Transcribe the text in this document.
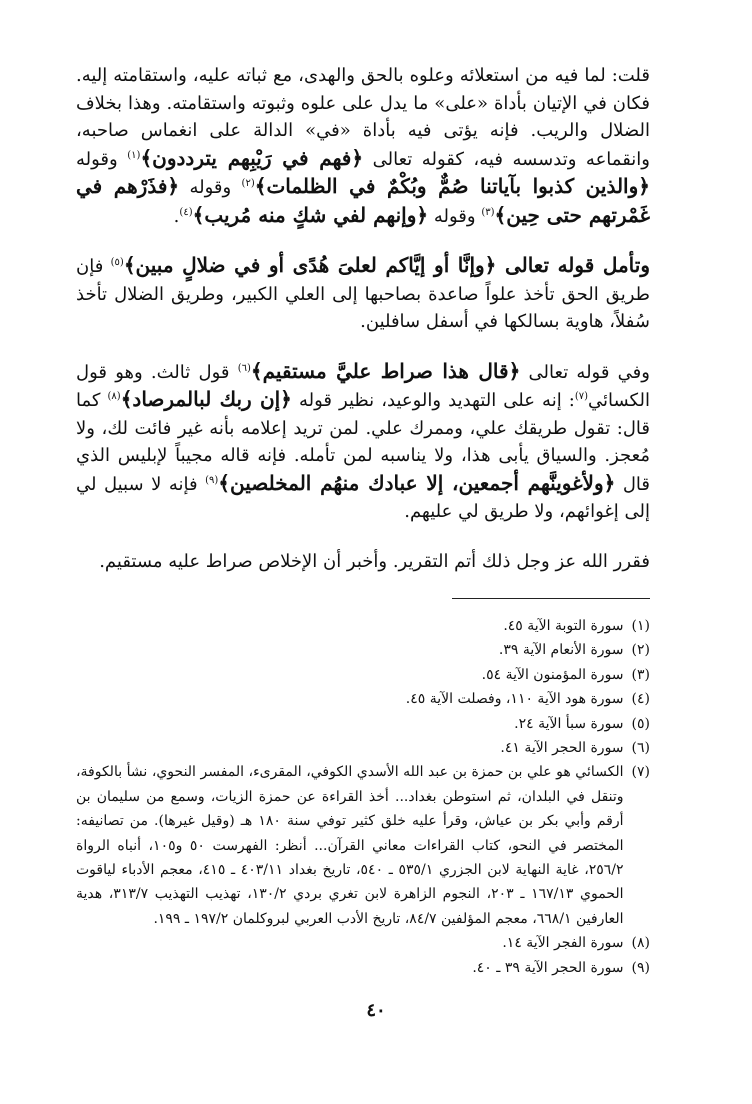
قلت: لما فيه من استعلائه وعلوه بالحق والهدى، مع ثباته عليه، واستقامته إليه. فكان في الإتيان بأداة «على» ما يدل على علوه وثبوته واستقامته. وهذا بخلاف الضلال والريب. فإنه يؤتى فيه بأداة «في» الدالة على انغماس صاحبه، وانقماعه وتدسسه فيه، كقوله تعالى ﴿فهم في رَيْبِهم يترددون﴾$^{(١)}$ وقوله ﴿والذين كذبوا بآياتنا صُمٌّ وبُكْمٌ في الظلمات﴾$^{(٢)}$ وقوله ﴿فذَرْهم في غَمْرتهم حتى حِين﴾$^{(٣)}$ وقوله ﴿وإنهم لفي شكٍ منه مُريب﴾$^{(٤)}$.

وتأمل قوله تعالى ﴿وإنَّا أو إيَّاكم لعلىَ هُدًى أو في ضلالٍ مبين﴾$^{(٥)}$ فإن طريق الحق تأخذ علواً صاعدة بصاحبها إلى العلي الكبير، وطريق الضلال تأخذ سُفلاً، هاوية بسالكها في أسفل سافلين.

وفي قوله تعالى ﴿قال هذا صراط عليَّ مستقيم﴾$^{(٦)}$ قول ثالث. وهو قول الكسائي$^{(٧)}$: إنه على التهديد والوعيد، نظير قوله ﴿إن ربك لبالمرصاد﴾$^{(٨)}$ كما قال: تقول طريقك علي، وممرك علي. لمن تريد إعلامه بأنه غير فائت لك، ولا مُعجز. والسياق يأبى هذا، ولا يناسبه لمن تأمله. فإنه قاله مجيباً لإبليس الذي قال ﴿ولأغوينَّهم أجمعين، إلا عبادك منهُم المخلصين﴾$^{(٩)}$ فإنه لا سبيل لي إلى إغوائهم، ولا طريق لي عليهم.

فقرر الله عز وجل ذلك أتم التقرير. وأخبر أن الإخلاص صراط عليه مستقيم.

(١)
سورة التوبة الآية ٤٥.
(٢)
سورة الأنعام الآية ٣٩.
(٣)
سورة المؤمنون الآية ٥٤.
(٤)
سورة هود الآية ١١٠، وفصلت الآية ٤٥.
(٥)
سورة سبأ الآية ٢٤.
(٦)
سورة الحجر الآية ٤١.
(٧)
الكسائي هو علي بن حمزة بن عبد الله الأسدي الكوفي، المقرىء، المفسر النحوي، نشأ بالكوفة، وتنقل في البلدان، ثم استوطن بغداد... أخذ القراءة عن حمزة الزيات، وسمع من سليمان بن أرقم وأبي بكر بن عياش، وقرأ عليه خلق كثير توفي سنة ١٨٠ هـ (وقيل غيرها). من تصانيفه: المختصر في النحو، كتاب القراءات معاني القرآن... أنظر: الفهرست ٥٠ و١٠٥، أنباه الرواة ٢٥٦/٢، غاية النهاية لابن الجزري ٥٣٥/١ ـ ٥٤٠، تاريخ بغداد ٤٠٣/١١ ـ ٤١٥، معجم الأدباء لياقوت الحموي ١٦٧/١٣ ـ ٢٠٣، النجوم الزاهرة لابن تغري بردي ١٣٠/٢، تهذيب التهذيب ٣١٣/٧، هدية العارفين ٦٦٨/١، معجم المؤلفين ٨٤/٧، تاريخ الأدب العربي لبروكلمان ١٩٧/٢ ـ ١٩٩.
(٨)
سورة الفجر الآية ١٤.
(٩)
سورة الحجر الآية ٣٩ ـ ٤٠.
٤٠
